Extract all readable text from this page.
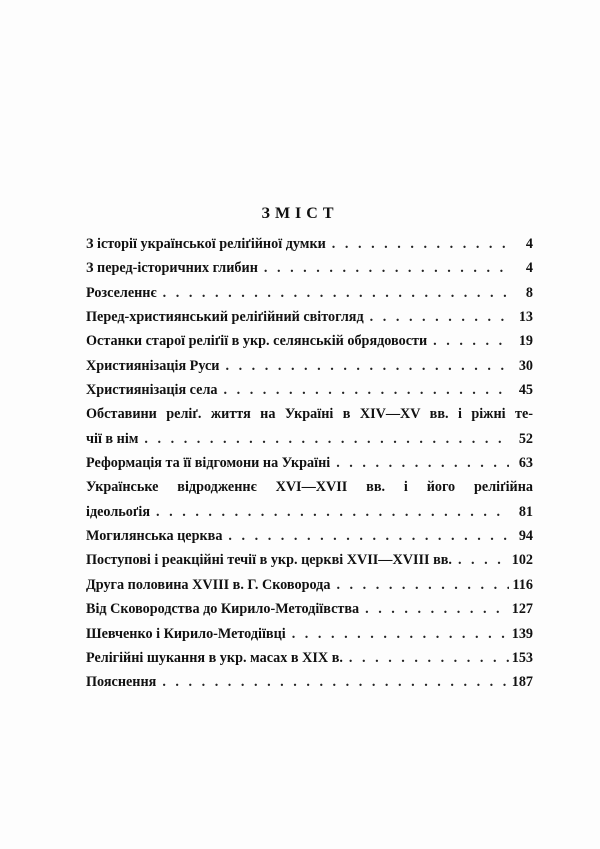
ЗМІСТ
З історії української реліґійної думки . . .	4
З перед-історичних глибин . . .	4
Розселеннє . . .	8
Перед-християнський реліґійний світогляд . . .	13
Останки старої реліґії в укр. селянській обрядовости . . .	19
Християнізація Руси . . .	30
Християнізація села . . .	45
Обставини реліґ. життя на Україні в XIV—XV вв. і ріжні те-
чії в нім . . .	52
Реформація та її відгомони на Україні . . .	63
Українське відродженнє XVI—XVII вв. і його реліґійна
ідеольоґія . . .	81
Могилянська церква . . .	94
Поступові і реакційні течії в укр. церкві XVII—XVIII вв. . . .	102
Друга половина XVIII в. Г. Сковорода . . .	116
Від Сковородства до Кирило-Методіївства . . .	127
Шевченко і Кирило-Методіївці . . .	139
Релігійні шукання в укр. масах в XIX в. . . .	153
Пояснення . . .	187
